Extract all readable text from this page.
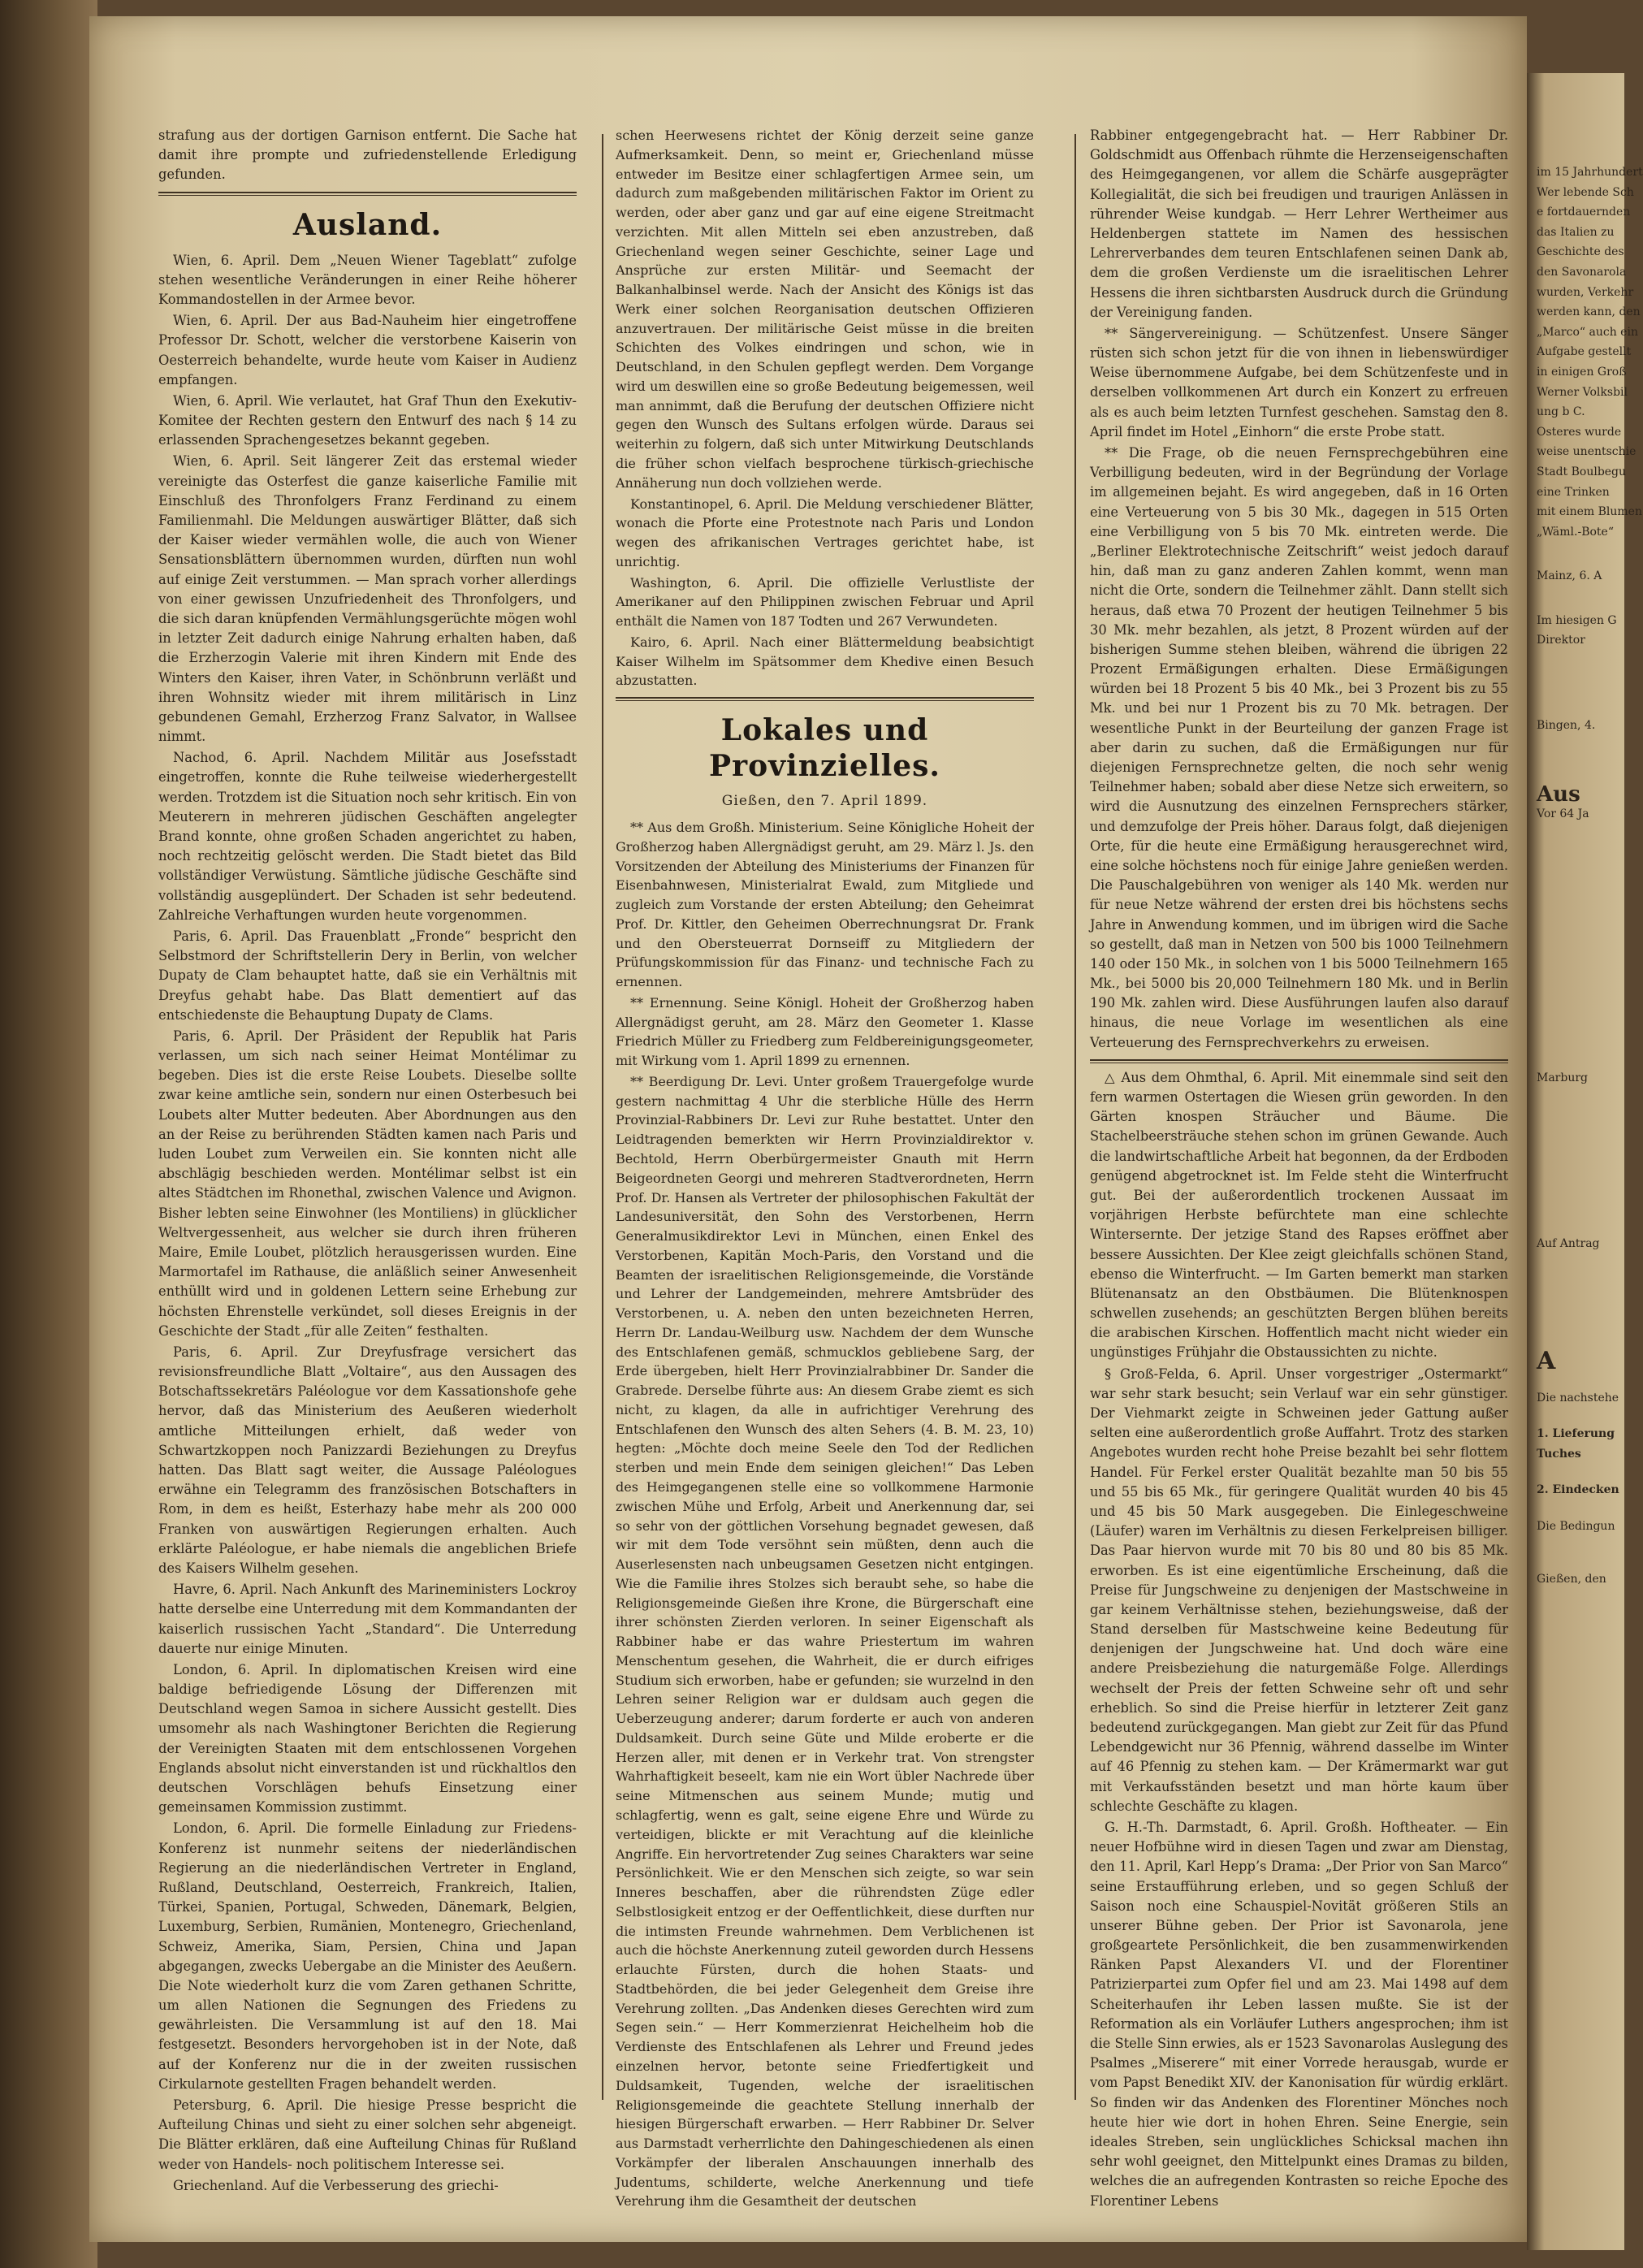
strafung aus der dortigen Garnison entfernt. Die Sache hat damit ihre prompte und zufriedenstellende Erledigung gefunden.

Ausland.

Wien, 6. April. Dem „Neuen Wiener Tageblatt“ zufolge stehen wesentliche Veränderungen in einer Reihe höherer Kommandostellen in der Armee bevor.

Wien, 6. April. Der aus Bad-Nauheim hier eingetroffene Professor Dr. Schott, welcher die verstorbene Kaiserin von Oesterreich behandelte, wurde heute vom Kaiser in Audienz empfangen.

Wien, 6. April. Wie verlautet, hat Graf Thun den Exekutiv-Komitee der Rechten gestern den Entwurf des nach § 14 zu erlassenden Sprachengesetzes bekannt gegeben.

Wien, 6. April. Seit längerer Zeit das erstemal wieder vereinigte das Osterfest die ganze kaiserliche Familie mit Einschluß des Thronfolgers Franz Ferdinand zu einem Familienmahl. Die Meldungen auswärtiger Blätter, daß sich der Kaiser wieder vermählen wolle, die auch von Wiener Sensationsblättern übernommen wurden, dürften nun wohl auf einige Zeit verstummen. — Man sprach vorher allerdings von einer gewissen Unzufriedenheit des Thronfolgers, und die sich daran knüpfenden Vermählungsgerüchte mögen wohl in letzter Zeit dadurch einige Nahrung erhalten haben, daß die Erzherzogin Valerie mit ihren Kindern mit Ende des Winters den Kaiser, ihren Vater, in Schönbrunn verläßt und ihren Wohnsitz wieder mit ihrem militärisch in Linz gebundenen Gemahl, Erzherzog Franz Salvator, in Wallsee nimmt.

Nachod, 6. April. Nachdem Militär aus Josefsstadt eingetroffen, konnte die Ruhe teilweise wiederhergestellt werden. Trotzdem ist die Situation noch sehr kritisch. Ein von Meuterern in mehreren jüdischen Geschäften angelegter Brand konnte, ohne großen Schaden angerichtet zu haben, noch rechtzeitig gelöscht werden. Die Stadt bietet das Bild vollständiger Verwüstung. Sämtliche jüdische Geschäfte sind vollständig ausgeplündert. Der Schaden ist sehr bedeutend. Zahlreiche Verhaftungen wurden heute vorgenommen.

Paris, 6. April. Das Frauenblatt „Fronde“ bespricht den Selbstmord der Schriftstellerin Dery in Berlin, von welcher Dupaty de Clam behauptet hatte, daß sie ein Verhältnis mit Dreyfus gehabt habe. Das Blatt dementiert auf das entschiedenste die Behauptung Dupaty de Clams.

Paris, 6. April. Der Präsident der Republik hat Paris verlassen, um sich nach seiner Heimat Montélimar zu begeben. Dies ist die erste Reise Loubets. Dieselbe sollte zwar keine amtliche sein, sondern nur einen Osterbesuch bei Loubets alter Mutter bedeuten. Aber Abordnungen aus den an der Reise zu berührenden Städten kamen nach Paris und luden Loubet zum Verweilen ein. Sie konnten nicht alle abschlägig beschieden werden. Montélimar selbst ist ein altes Städtchen im Rhonethal, zwischen Valence und Avignon. Bisher lebten seine Einwohner (les Montiliens) in glücklicher Weltvergessenheit, aus welcher sie durch ihren früheren Maire, Emile Loubet, plötzlich herausgerissen wurden. Eine Marmortafel im Rathause, die anläßlich seiner Anwesenheit enthüllt wird und in goldenen Lettern seine Erhebung zur höchsten Ehrenstelle verkündet, soll dieses Ereignis in der Geschichte der Stadt „für alle Zeiten“ festhalten.

Paris, 6. April. Zur Dreyfusfrage versichert das revisionsfreundliche Blatt „Voltaire“, aus den Aussagen des Botschaftssekretärs Paléologue vor dem Kassationshofe gehe hervor, daß das Ministerium des Aeußeren wiederholt amtliche Mitteilungen erhielt, daß weder von Schwartzkoppen noch Panizzardi Beziehungen zu Dreyfus hatten. Das Blatt sagt weiter, die Aussage Paléologues erwähne ein Telegramm des französischen Botschafters in Rom, in dem es heißt, Esterhazy habe mehr als 200 000 Franken von auswärtigen Regierungen erhalten. Auch erklärte Paléologue, er habe niemals die angeblichen Briefe des Kaisers Wilhelm gesehen.

Havre, 6. April. Nach Ankunft des Marineministers Lockroy hatte derselbe eine Unterredung mit dem Kommandanten der kaiserlich russischen Yacht „Standard“. Die Unterredung dauerte nur einige Minuten.

London, 6. April. In diplomatischen Kreisen wird eine baldige befriedigende Lösung der Differenzen mit Deutschland wegen Samoa in sichere Aussicht gestellt. Dies umsomehr als nach Washingtoner Berichten die Regierung der Vereinigten Staaten mit dem entschlossenen Vorgehen Englands absolut nicht einverstanden ist und rückhaltlos den deutschen Vorschlägen behufs Einsetzung einer gemeinsamen Kommission zustimmt.

London, 6. April. Die formelle Einladung zur Friedens-Konferenz ist nunmehr seitens der niederländischen Regierung an die niederländischen Vertreter in England, Rußland, Deutschland, Oesterreich, Frankreich, Italien, Türkei, Spanien, Portugal, Schweden, Dänemark, Belgien, Luxemburg, Serbien, Rumänien, Montenegro, Griechenland, Schweiz, Amerika, Siam, Persien, China und Japan abgegangen, zwecks Uebergabe an die Minister des Aeußern. Die Note wiederholt kurz die vom Zaren gethanen Schritte, um allen Nationen die Segnungen des Friedens zu gewährleisten. Die Versammlung ist auf den 18. Mai festgesetzt. Besonders hervorgehoben ist in der Note, daß auf der Konferenz nur die in der zweiten russischen Cirkularnote gestellten Fragen behandelt werden.

Petersburg, 6. April. Die hiesige Presse bespricht die Aufteilung Chinas und sieht zu einer solchen sehr abgeneigt. Die Blätter erklären, daß eine Aufteilung Chinas für Rußland weder von Handels- noch politischem Interesse sei.

Griechenland. Auf die Verbesserung des griechi-

schen Heerwesens richtet der König derzeit seine ganze Aufmerksamkeit. Denn, so meint er, Griechenland müsse entweder im Besitze einer schlagfertigen Armee sein, um dadurch zum maßgebenden militärischen Faktor im Orient zu werden, oder aber ganz und gar auf eine eigene Streitmacht verzichten. Mit allen Mitteln sei eben anzustreben, daß Griechenland wegen seiner Geschichte, seiner Lage und Ansprüche zur ersten Militär- und Seemacht der Balkanhalbinsel werde. Nach der Ansicht des Königs ist das Werk einer solchen Reorganisation deutschen Offizieren anzuvertrauen. Der militärische Geist müsse in die breiten Schichten des Volkes eindringen und schon, wie in Deutschland, in den Schulen gepflegt werden. Dem Vorgange wird um deswillen eine so große Bedeutung beigemessen, weil man annimmt, daß die Berufung der deutschen Offiziere nicht gegen den Wunsch des Sultans erfolgen würde. Daraus sei weiterhin zu folgern, daß sich unter Mitwirkung Deutschlands die früher schon vielfach besprochene türkisch-griechische Annäherung nun doch vollziehen werde.

Konstantinopel, 6. April. Die Meldung verschiedener Blätter, wonach die Pforte eine Protestnote nach Paris und London wegen des afrikanischen Vertrages gerichtet habe, ist unrichtig.

Washington, 6. April. Die offizielle Verlustliste der Amerikaner auf den Philippinen zwischen Februar und April enthält die Namen von 187 Todten und 267 Verwundeten.

Kairo, 6. April. Nach einer Blättermeldung beabsichtigt Kaiser Wilhelm im Spätsommer dem Khedive einen Besuch abzustatten.

Lokales und Provinzielles.
Gießen, den 7. April 1899.

** Aus dem Großh. Ministerium. Seine Königliche Hoheit der Großherzog haben Allergnädigst geruht, am 29. März l. Js. den Vorsitzenden der Abteilung des Ministeriums der Finanzen für Eisenbahnwesen, Ministerialrat Ewald, zum Mitgliede und zugleich zum Vorstande der ersten Abteilung; den Geheimrat Prof. Dr. Kittler, den Geheimen Oberrechnungsrat Dr. Frank und den Obersteuerrat Dornseiff zu Mitgliedern der Prüfungskommission für das Finanz- und technische Fach zu ernennen.

** Ernennung. Seine Königl. Hoheit der Großherzog haben Allergnädigst geruht, am 28. März den Geometer 1. Klasse Friedrich Müller zu Friedberg zum Feldbereinigungsgeometer, mit Wirkung vom 1. April 1899 zu ernennen.

** Beerdigung Dr. Levi. Unter großem Trauergefolge wurde gestern nachmittag 4 Uhr die sterbliche Hülle des Herrn Provinzial-Rabbiners Dr. Levi zur Ruhe bestattet. Unter den Leidtragenden bemerkten wir Herrn Provinzialdirektor v. Bechtold, Herrn Oberbürgermeister Gnauth mit Herrn Beigeordneten Georgi und mehreren Stadtverordneten, Herrn Prof. Dr. Hansen als Vertreter der philosophischen Fakultät der Landesuniversität, den Sohn des Verstorbenen, Herrn Generalmusikdirektor Levi in München, einen Enkel des Verstorbenen, Kapitän Moch-Paris, den Vorstand und die Beamten der israelitischen Religionsgemeinde, die Vorstände und Lehrer der Landgemeinden, mehrere Amtsbrüder des Verstorbenen, u. A. neben den unten bezeichneten Herren, Herrn Dr. Landau-Weilburg usw. Nachdem der dem Wunsche des Entschlafenen gemäß, schmucklos gebliebene Sarg, der Erde übergeben, hielt Herr Provinzialrabbiner Dr. Sander die Grabrede. Derselbe führte aus: An diesem Grabe ziemt es sich nicht, zu klagen, da alle in aufrichtiger Verehrung des Entschlafenen den Wunsch des alten Sehers (4. B. M. 23, 10) hegten: „Möchte doch meine Seele den Tod der Redlichen sterben und mein Ende dem seinigen gleichen!“ Das Leben des Heimgegangenen stelle eine so vollkommene Harmonie zwischen Mühe und Erfolg, Arbeit und Anerkennung dar, sei so sehr von der göttlichen Vorsehung begnadet gewesen, daß wir mit dem Tode versöhnt sein müßten, denn auch die Auserlesensten nach unbeugsamen Gesetzen nicht entgingen. Wie die Familie ihres Stolzes sich beraubt sehe, so habe die Religionsgemeinde Gießen ihre Krone, die Bürgerschaft eine ihrer schönsten Zierden verloren. In seiner Eigenschaft als Rabbiner habe er das wahre Priestertum im wahren Menschentum gesehen, die Wahrheit, die er durch eifriges Studium sich erworben, habe er gefunden; sie wurzelnd in den Lehren seiner Religion war er duldsam auch gegen die Ueberzeugung anderer; darum forderte er auch von anderen Duldsamkeit. Durch seine Güte und Milde eroberte er die Herzen aller, mit denen er in Verkehr trat. Von strengster Wahrhaftigkeit beseelt, kam nie ein Wort übler Nachrede über seine Mitmenschen aus seinem Munde; mutig und schlagfertig, wenn es galt, seine eigene Ehre und Würde zu verteidigen, blickte er mit Verachtung auf die kleinliche Angriffe. Ein hervortretender Zug seines Charakters war seine Persönlichkeit. Wie er den Menschen sich zeigte, so war sein Inneres beschaffen, aber die rührendsten Züge edler Selbstlosigkeit entzog er der Oeffentlichkeit, diese durften nur die intimsten Freunde wahrnehmen. Dem Verblichenen ist auch die höchste Anerkennung zuteil geworden durch Hessens erlauchte Fürsten, durch die hohen Staats- und Stadtbehörden, die bei jeder Gelegenheit dem Greise ihre Verehrung zollten. „Das Andenken dieses Gerechten wird zum Segen sein.“ — Herr Kommerzienrat Heichelheim hob die Verdienste des Entschlafenen als Lehrer und Freund jedes einzelnen hervor, betonte seine Friedfertigkeit und Duldsamkeit, Tugenden, welche der israelitischen Religionsgemeinde die geachtete Stellung innerhalb der hiesigen Bürgerschaft erwarben. — Herr Rabbiner Dr. Selver aus Darmstadt verherrlichte den Dahingeschiedenen als einen Vorkämpfer der liberalen Anschauungen innerhalb des Judentums, schilderte, welche Anerkennung und tiefe Verehrung ihm die Gesamtheit der deutschen

Rabbiner entgegengebracht hat. — Herr Rabbiner Dr. Goldschmidt aus Offenbach rühmte die Herzenseigenschaften des Heimgegangenen, vor allem die Schärfe ausgeprägter Kollegialität, die sich bei freudigen und traurigen Anlässen in rührender Weise kundgab. — Herr Lehrer Wertheimer aus Heldenbergen stattete im Namen des hessischen Lehrerverbandes dem teuren Entschlafenen seinen Dank ab, dem die großen Verdienste um die israelitischen Lehrer Hessens die ihren sichtbarsten Ausdruck durch die Gründung der Vereinigung fanden.

** Sängervereinigung. — Schützenfest. Unsere Sänger rüsten sich schon jetzt für die von ihnen in liebenswürdiger Weise übernommene Aufgabe, bei dem Schützenfeste und in derselben vollkommenen Art durch ein Konzert zu erfreuen als es auch beim letzten Turnfest geschehen. Samstag den 8. April findet im Hotel „Einhorn“ die erste Probe statt.

** Die Frage, ob die neuen Fernsprechgebühren eine Verbilligung bedeuten, wird in der Begründung der Vorlage im allgemeinen bejaht. Es wird angegeben, daß in 16 Orten eine Verteuerung von 5 bis 30 Mk., dagegen in 515 Orten eine Verbilligung von 5 bis 70 Mk. eintreten werde. Die „Berliner Elektrotechnische Zeitschrift“ weist jedoch darauf hin, daß man zu ganz anderen Zahlen kommt, wenn man nicht die Orte, sondern die Teilnehmer zählt. Dann stellt sich heraus, daß etwa 70 Prozent der heutigen Teilnehmer 5 bis 30 Mk. mehr bezahlen, als jetzt, 8 Prozent würden auf der bisherigen Summe stehen bleiben, während die übrigen 22 Prozent Ermäßigungen erhalten. Diese Ermäßigungen würden bei 18 Prozent 5 bis 40 Mk., bei 3 Prozent bis zu 55 Mk. und bei nur 1 Prozent bis zu 70 Mk. betragen. Der wesentliche Punkt in der Beurteilung der ganzen Frage ist aber darin zu suchen, daß die Ermäßigungen nur für diejenigen Fernsprechnetze gelten, die noch sehr wenig Teilnehmer haben; sobald aber diese Netze sich erweitern, so wird die Ausnutzung des einzelnen Fernsprechers stärker, und demzufolge der Preis höher. Daraus folgt, daß diejenigen Orte, für die heute eine Ermäßigung herausgerechnet wird, eine solche höchstens noch für einige Jahre genießen werden. Die Pauschalgebühren von weniger als 140 Mk. werden nur für neue Netze während der ersten drei bis höchstens sechs Jahre in Anwendung kommen, und im übrigen wird die Sache so gestellt, daß man in Netzen von 500 bis 1000 Teilnehmern 140 oder 150 Mk., in solchen von 1 bis 5000 Teilnehmern 165 Mk., bei 5000 bis 20,000 Teilnehmern 180 Mk. und in Berlin 190 Mk. zahlen wird. Diese Ausführungen laufen also darauf hinaus, die neue Vorlage im wesentlichen als eine Verteuerung des Fernsprechverkehrs zu erweisen.

△ Aus dem Ohmthal, 6. April. Mit einemmale sind seit den fern warmen Ostertagen die Wiesen grün geworden. In den Gärten knospen Sträucher und Bäume. Die Stachelbeersträuche stehen schon im grünen Gewande. Auch die landwirtschaftliche Arbeit hat begonnen, da der Erdboden genügend abgetrocknet ist. Im Felde steht die Winterfrucht gut. Bei der außerordentlich trockenen Aussaat im vorjährigen Herbste befürchtete man eine schlechte Wintersernte. Der jetzige Stand des Rapses eröffnet aber bessere Aussichten. Der Klee zeigt gleichfalls schönen Stand, ebenso die Winterfrucht. — Im Garten bemerkt man starken Blütenansatz an den Obstbäumen. Die Blütenknospen schwellen zusehends; an geschützten Bergen blühen bereits die arabischen Kirschen. Hoffentlich macht nicht wieder ein ungünstiges Frühjahr die Obstaussichten zu nichte.

§ Groß-Felda, 6. April. Unser vorgestriger „Ostermarkt“ war sehr stark besucht; sein Verlauf war ein sehr günstiger. Der Viehmarkt zeigte in Schweinen jeder Gattung außer selten eine außerordentlich große Auffahrt. Trotz des starken Angebotes wurden recht hohe Preise bezahlt bei sehr flottem Handel. Für Ferkel erster Qualität bezahlte man 50 bis 55 und 55 bis 65 Mk., für geringere Qualität wurden 40 bis 45 und 45 bis 50 Mark ausgegeben. Die Einlegeschweine (Läufer) waren im Verhältnis zu diesen Ferkelpreisen billiger. Das Paar hiervon wurde mit 70 bis 80 und 80 bis 85 Mk. erworben. Es ist eine eigentümliche Erscheinung, daß die Preise für Jungschweine zu denjenigen der Mastschweine in gar keinem Verhältnisse stehen, beziehungsweise, daß der Stand derselben für Mastschweine keine Bedeutung für denjenigen der Jungschweine hat. Und doch wäre eine andere Preisbeziehung die naturgemäße Folge. Allerdings wechselt der Preis der fetten Schweine sehr oft und sehr erheblich. So sind die Preise hierfür in letzterer Zeit ganz bedeutend zurückgegangen. Man giebt zur Zeit für das Pfund Lebendgewicht nur 36 Pfennig, während dasselbe im Winter auf 46 Pfennig zu stehen kam. — Der Krämermarkt war gut mit Verkaufsständen besetzt und man hörte kaum über schlechte Geschäfte zu klagen.

G. H.-Th. Darmstadt, 6. April. Großh. Hoftheater. — Ein neuer Hofbühne wird in diesen Tagen und zwar am Dienstag, den 11. April, Karl Hepp’s Drama: „Der Prior von San Marco“ seine Erstaufführung erleben, und so gegen Schluß der Saison noch eine Schauspiel-Novität größeren Stils an unserer Bühne geben. Der Prior ist Savonarola, jene großgeartete Persönlichkeit, die ben zusammenwirkenden Ränken Papst Alexanders VI. und der Florentiner Patrizierpartei zum Opfer fiel und am 23. Mai 1498 auf dem Scheiterhaufen ihr Leben lassen mußte. Sie ist der Reformation als ein Vorläufer Luthers angesprochen; ihm ist die Stelle Sinn erwies, als er 1523 Savonarolas Auslegung des Psalmes „Miserere“ mit einer Vorrede herausgab, wurde er vom Papst Benedikt XIV. der Kanonisation für würdig erklärt. So finden wir das Andenken des Florentiner Mönches noch heute hier wie dort in hohen Ehren. Seine Energie, sein ideales Streben, sein unglückliches Schicksal machen ihn sehr wohl geeignet, den Mittelpunkt eines Dramas zu bilden, welches die an aufregenden Kontrasten so reiche Epoche des Florentiner Lebens

im 15 Jahrhundert
Wer lebende Sch
e fortdauernden
das Italien zu
Geschichte des
den Savonarola
wurden, Verkehr
werden kann, den
„Marco“ auch ein
Aufgabe gestellt
in einigen Groß
Werner Volksbil
ung b C.
Osteres wurde
weise unentschie
Stadt Boulbegu
eine Trinken
mit einem Blumen
„Wäml.-Bote“
Mainz, 6. A
Im hiesigen G
Direktor
Bingen, 4.
Aus
Vor 64 Ja
Marburg
Auf Antrag
A
Die nachstehe
1. Lieferung
Tuches
2. Eindecken
Die Bedingun
Gießen, den
